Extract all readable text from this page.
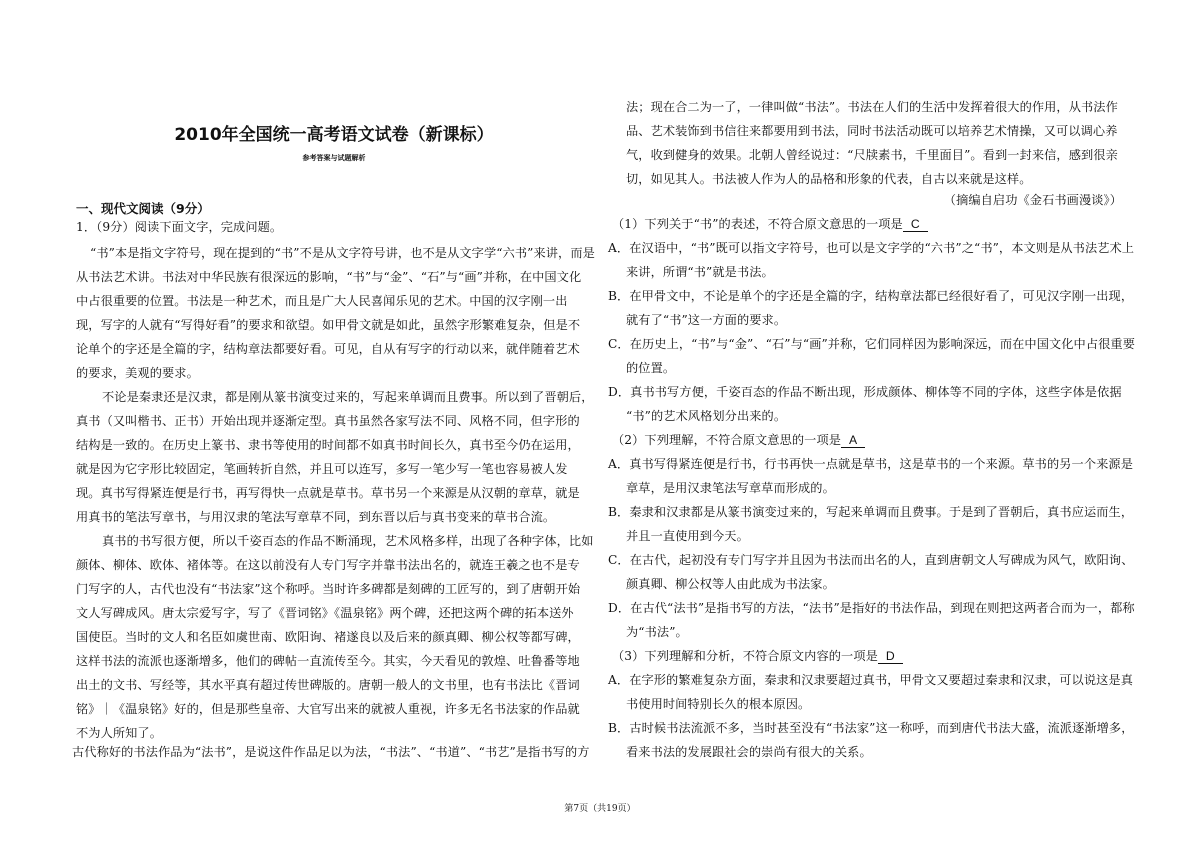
2010年全国统一高考语文试卷（新课标）
参考答案与试题解析
一、现代文阅读（9分）
1．（9分）阅读下面文字，完成问题。
“书”本是指文字符号，现在提到的“书”不是从文字符号讲，也不是从文字学“六书”来讲，而是
从书法艺术讲。书法对中华民族有很深远的影响，“书”与“金”、“石”与“画”并称，在中国文化
中占很重要的位置。书法是一种艺术，而且是广大人民喜闻乐见的艺术。中国的汉字刚一出
现，写字的人就有“写得好看”的要求和欲望。如甲骨文就是如此，虽然字形繁难复杂，但是不
论单个的字还是全篇的字，结构章法都要好看。可见，自从有写字的行动以来，就伴随着艺术
的要求，美观的要求。
不论是秦隶还是汉隶，都是刚从篆书演变过来的，写起来单调而且费事。所以到了晋朝后，
真书（又叫楷书、正书）开始出现并逐渐定型。真书虽然各家写法不同、风格不同，但字形的
结构是一致的。在历史上篆书、隶书等使用的时间都不如真书时间长久，真书至今仍在运用，
就是因为它字形比较固定，笔画转折自然，并且可以连写，多写一笔少写一笔也容易被人发
现。真书写得紧连便是行书，再写得快一点就是草书。草书另一个来源是从汉朝的章草，就是
用真书的笔法写章书，与用汉隶的笔法写章草不同，到东晋以后与真书变来的草书合流。
真书的书写很方便，所以千姿百态的作品不断涌现，艺术风格多样，出现了各种字体，比如
颜体、柳体、欧体、褚体等。在这以前没有人专门写字并靠书法出名的，就连王羲之也不是专
门写字的人，古代也没有“书法家”这个称呼。当时许多碑都是刻碑的工匠写的，到了唐朝开始
文人写碑成风。唐太宗爱写字，写了《晋词铭》《温泉铭》两个碑，还把这两个碑的拓本送外
国使臣。当时的文人和名臣如虞世南、欧阳询、褚遂良以及后来的颜真卿、柳公权等都写碑，
这样书法的流派也逐渐增多，他们的碑帖一直流传至今。其实，今天看见的敦煌、吐鲁番等地
出土的文书、写经等，其水平真有超过传世碑版的。唐朝一般人的文书里，也有书法比《晋词
铭》｜《温泉铭》好的，但是那些皇帝、大官写出来的就被人重视，许多无名书法家的作品就
不为人所知了。
古代称好的书法作品为“法书”，是说这件作品足以为法，“书法”、“书道”、“书艺”是指书写的方
法；现在合二为一了，一律叫做“书法”。书法在人们的生活中发挥着很大的作用，从书法作
品、艺术装饰到书信往来都要用到书法，同时书法活动既可以培养艺术情操，又可以调心养
气，收到健身的效果。北朝人曾经说过：“尺牍素书，千里面目”。看到一封来信，感到很亲
切，如见其人。书法被人作为人的品格和形象的代表，自古以来就是这样。
（摘编自启功《金石书画漫谈》）
（1）下列关于“书”的表述，不符合原文意思的一项是 C
A．在汉语中，“书”既可以指文字符号，也可以是文字学的“六书”之“书”，本文则是从书法艺术上
来讲，所谓“书”就是书法。
B．在甲骨文中，不论是单个的字还是全篇的字，结构章法都已经很好看了，可见汉字刚一出现，
就有了“书”这一方面的要求。
C．在历史上，“书”与“金”、“石”与“画”并称，它们同样因为影响深远，而在中国文化中占很重要
的位置。
D．真书书写方便，千姿百态的作品不断出现，形成颜体、柳体等不同的字体，这些字体是依据
“书”的艺术风格划分出来的。
（2）下列理解，不符合原文意思的一项是 A
A．真书写得紧连便是行书，行书再快一点就是草书，这是草书的一个来源。草书的另一个来源是
章草，是用汉隶笔法写章草而形成的。
B．秦隶和汉隶都是从篆书演变过来的，写起来单调而且费事。于是到了晋朝后，真书应运而生，
并且一直使用到今天。
C．在古代，起初没有专门写字并且因为书法而出名的人，直到唐朝文人写碑成为风气，欧阳询、
颜真卿、柳公权等人由此成为书法家。
D．在古代“法书”是指书写的方法，“法书”是指好的书法作品，到现在则把这两者合而为一，都称
为“书法”。
（3）下列理解和分析，不符合原文内容的一项是 D
A．在字形的繁难复杂方面，秦隶和汉隶要超过真书，甲骨文又要超过秦隶和汉隶，可以说这是真
书使用时间特别长久的根本原因。
B．古时候书法流派不多，当时甚至没有“书法家”这一称呼，而到唐代书法大盛，流派逐渐增多，
看来书法的发展跟社会的崇尚有很大的关系。
第7页（共19页）
